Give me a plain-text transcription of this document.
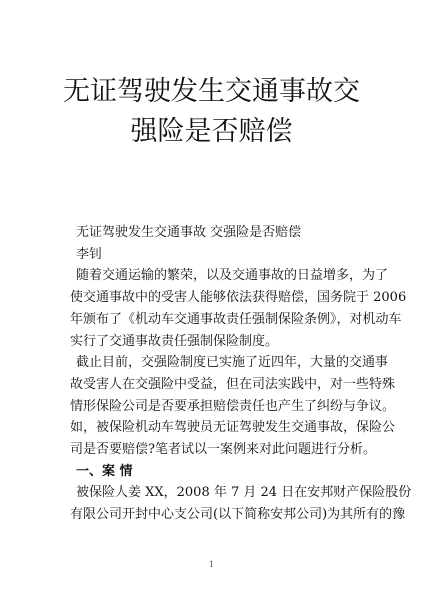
无证驾驶发生交通事故交
强险是否赔偿
无证驾驶发生交通事故 交强险是否赔偿
李钊
随着交通运输的繁荣，以及交通事故的日益增多，为了
使交通事故中的受害人能够依法获得赔偿，国务院于 2006
年颁布了《机动车交通事故责任强制保险条例》，对机动车
实行了交通事故责任强制保险制度。
截止目前，交强险制度已实施了近四年，大量的交通事
故受害人在交强险中受益，但在司法实践中，对一些特殊
情形保险公司是否要承担赔偿责任也产生了纠纷与争议。
如，被保险机动车驾驶员无证驾驶发生交通事故，保险公
司是否要赔偿?笔者试以一案例来对此问题进行分析。
一、案 情
被保险人姜 XX，2008 年 7 月 24 日在安邦财产保险股份
有限公司开封中心支公司(以下简称安邦公司)为其所有的豫
1
